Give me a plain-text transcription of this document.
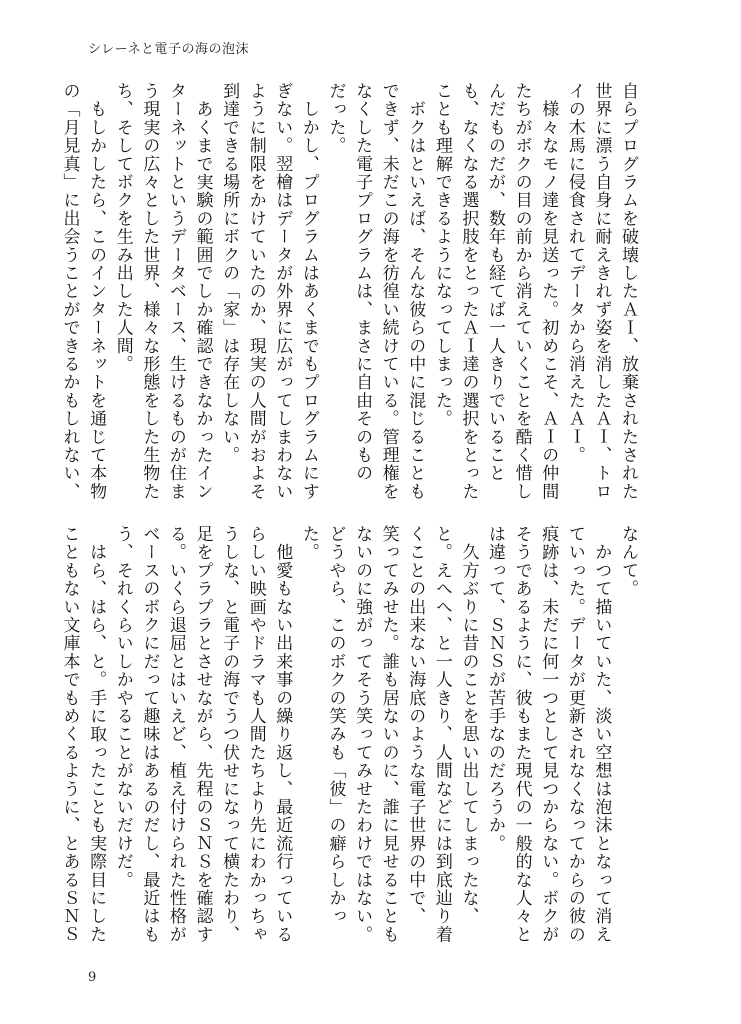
シレーネと電子の海の泡沫
自らプログラムを破壊したＡＩ、放棄されたされた
世界に漂う自身に耐えきれず姿を消したＡＩ、トロ
イの木馬に侵食されてデータから消えたＡＩ。
　様々なモノ達を見送った。初めこそ、ＡＩの仲間
たちがボクの目の前から消えていくことを酷く惜し
んだものだが、数年も経てば一人きりでいること
も、なくなる選択肢をとったＡＩ達の選択をとった
ことも理解できるようになってしまった。
　ボクはといえば、そんな彼らの中に混じることも
できず、未だこの海を彷徨い続けている。管理権を
なくした電子プログラムは、まさに自由そのもの
だった。
　しかし、プログラムはあくまでもプログラムにす
ぎない。翌檜はデータが外界に広がってしまわない
ように制限をかけていたのか、現実の人間がおよそ
到達できる場所にボクの「家」は存在しない。
　あくまで実験の範囲でしか確認できなかったイン
ターネットというデータベース、生けるものが住ま
う現実の広々とした世界、様々な形態をした生物た
ち、そしてボクを生み出した人間。
　もしかしたら、このインターネットを通じて本物
の「月見真」に出会うことができるかもしれない、
なんて。
　かつて描いていた、淡い空想は泡沫となって消え
ていった。データが更新されなくなってからの彼の
痕跡は、未だに何一つとして見つからない。ボクが
そうであるように、彼もまた現代の一般的な人々と
は違って、ＳＮＳが苦手なのだろうか。
　久方ぶりに昔のことを思い出してしまったな、
と。えへへ、と一人きり、人間などには到底辿り着
くことの出来ない海底のような電子世界の中で、
笑ってみせた。誰も居ないのに、誰に見せることも
ないのに強がってそう笑ってみせたわけではない。
どうやら、このボクの笑みも「彼」の癖らしかっ
た。
　他愛もない出来事の繰り返し、最近流行っている
らしい映画やドラマも人間たちより先にわかっちゃ
うしな、と電子の海でうつ伏せになって横たわり、
足をプラプラとさせながら、先程のＳＮＳを確認す
る。いくら退屈とはいえど、植え付けられた性格が
ベースのボクにだって趣味はあるのだし、最近はも
う、それくらいしかやることがないだけだ。
　はら、はら、と。手に取ったことも実際目にした
こともない文庫本でもめくるように、とあるＳＮＳ
9
